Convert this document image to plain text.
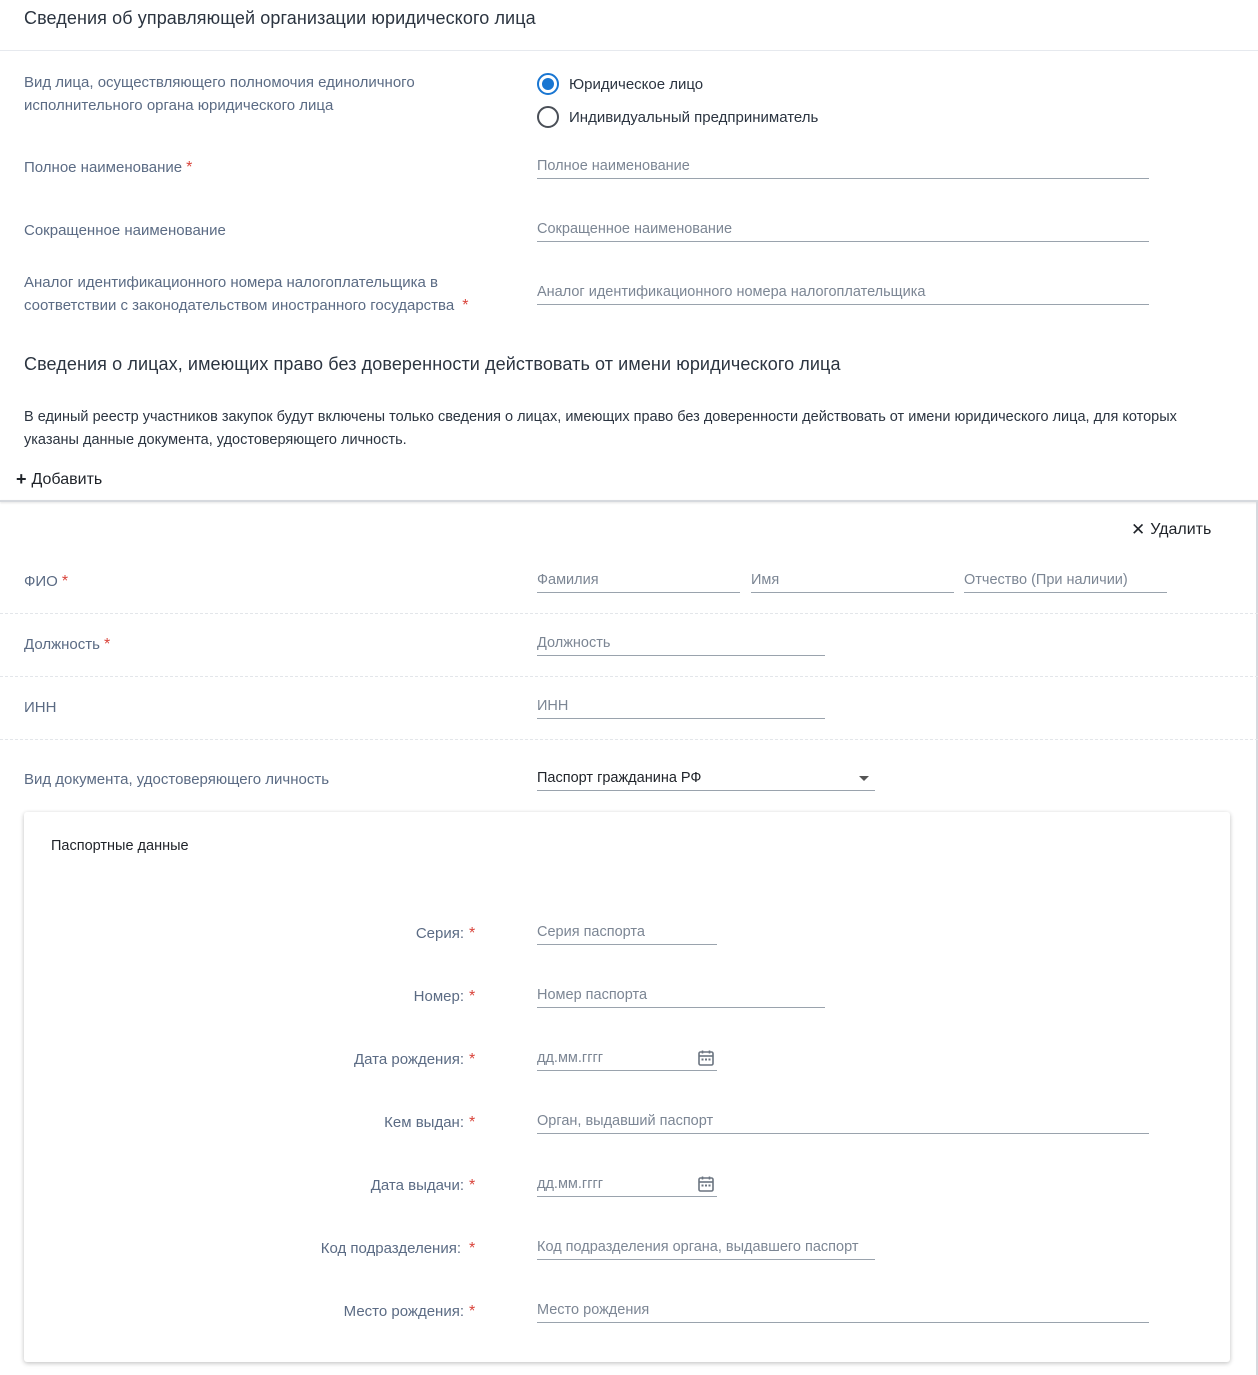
Сведения об управляющей организации юридического лица
Вид лица, осуществляющего полномочия единоличного
исполнительного органа юридического лица
Юридическое лицо
Индивидуальный предприниматель
Полное наименование *
Полное наименование
Сокращенное наименование
Сокращенное наименование
Аналог идентификационного номера налогоплательщика в
соответствии с законодательством иностранного государства *
Аналог идентификационного номера налогоплательщика
Сведения о лицах, имеющих право без доверенности действовать от имени юридического лица
В единый реестр участников закупок будут включены только сведения о лицах, имеющих право без доверенности действовать от имени юридического лица, для которых
указаны данные документа, удостоверяющего личность.
+ Добавить
✕ Удалить
ФИО *
Фамилия
Имя
Отчество (При наличии)
Должность *
Должность
ИНН
ИНН
Вид документа, удостоверяющего личность	Паспорт гражданина РФ
Паспортные данные
Серия: *
Серия паспорта
Номер: *
Номер паспорта
Дата рождения: *
дд.мм.гггг
Кем выдан: *
Орган, выдавший паспорт
Дата выдачи: *
дд.мм.гггг
Код подразделения: *
Код подразделения органа, выдавшего паспорт
Место рождения: *
Место рождения
